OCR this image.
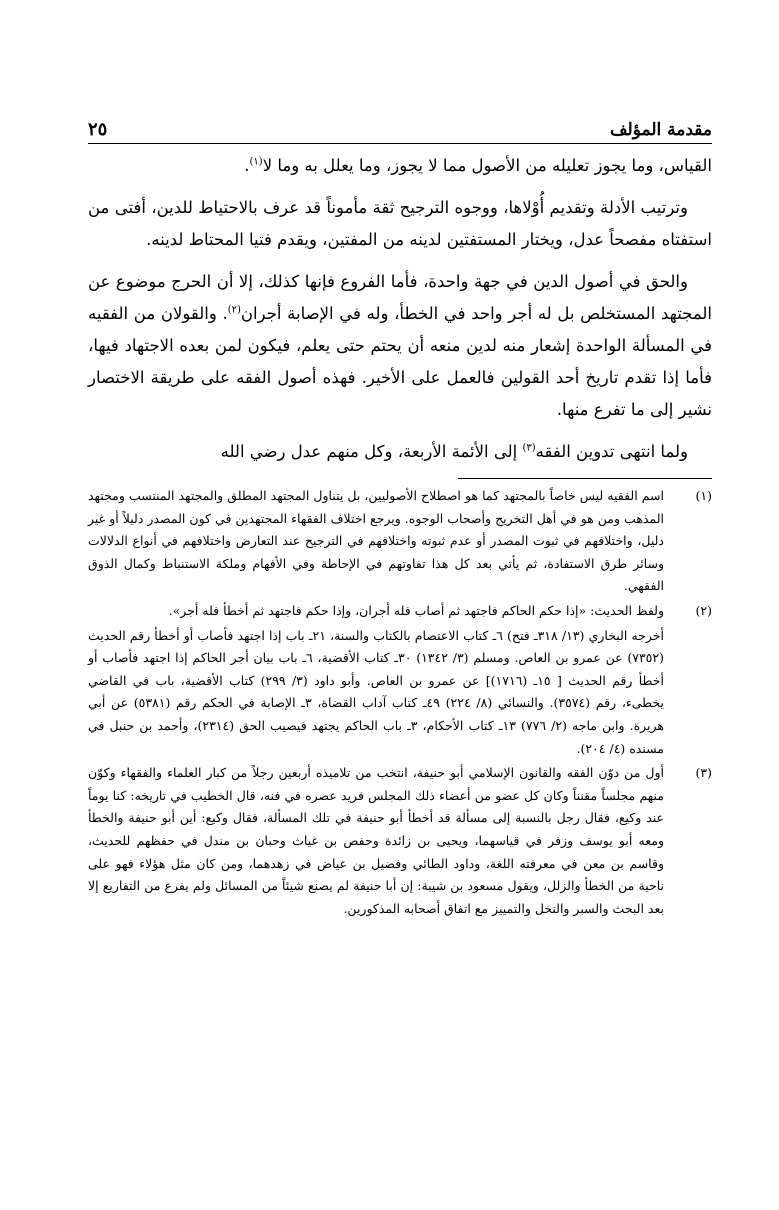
مقدمة المؤلف
٢٥

القياس، وما يجوز تعليله من الأصول مما لا يجوز، وما يعلل به وما لا$^{(١)}$.

وترتيب الأدلة وتقديم أُوْلاها، ووجوه الترجيح ثقة مأموناً قد عرف بالاحتياط للدين، أفتى من استفتاه مفصحاً عدل، ويختار المستفتين لدينه من المفتين، ويقدم فتيا المحتاط لدينه.

والحق في أصول الدين في جهة واحدة، فأما الفروع فإنها كذلك، إلا أن الحرج موضوع عن المجتهد المستخلص بل له أجر واحد في الخطأ، وله في الإصابة أجران$^{(٢)}$. والقولان من الفقيه في المسألة الواحدة إشعار منه لدين منعه أن يحتم حتى يعلم، فيكون لمن بعده الاجتهاد فيها، فأما إذا تقدم تاريخ أحد القولين فالعمل على الأخير. فهذه أصول الفقه على طريقة الاختصار نشير إلى ما تفرع منها.

ولما انتهى تدوين الفقه$^{(٣)}$ إلى الأئمة الأربعة، وكل منهم عدل رضي الله

(١)

اسم الفقيه ليس خاصاً بالمجتهد كما هو اصطلاح الأصوليين، بل يتناول المجتهد المطلق والمجتهد المنتسب ومجتهد المذهب ومن هو في أهل التخريج وأصحاب الوجوه. ويرجع اختلاف الفقهاء المجتهدين في كون المصدر دليلاً أو غير دليل، واختلافهم في ثبوت المصدر أو عدم ثبوته واختلافهم في الترجيح عند التعارض واختلافهم في أنواع الدلالات وسائر طرق الاستفادة، ثم يأتي بعد كل هذا تفاوتهم في الإحاطة وفي الأفهام وملكة الاستنباط وكمال الذوق الفقهي.

(٢)

ولفظ الحديث: «إذا حكم الحاكم فاجتهد ثم أصاب فله أجران، وإذا حكم فاجتهد ثم أخطأ فله أجر».

أخرجه البخاري (١٣/ ٣١٨ـ فتح) ٦ـ كتاب الاعتصام بالكتاب والسنة، ٢١ـ باب إذا اجتهد فأصاب أو أخطأ رقم الحديث (٧٣٥٢) عن عمرو بن العاص. ومسلم (٣/ ١٣٤٢) ٣٠ـ كتاب الأقضية، ٦ـ باب بيان أجر الحاكم إذا اجتهد فأصاب أو أخطأ رقم الحديث [ ١٥ـ (١٧١٦)] عن عمرو بن العاص. وأبو داود (٣/ ٢٩٩) كتاب الأقضية، باب في القاضي يخطىء، رقم (٣٥٧٤). والنسائي (٨/ ٢٢٤) ٤٩ـ كتاب آداب القضاة، ٣ـ الإصابة في الحكم رقم (٥٣٨١) عن أبي هريرة. وابن ماجه (٢/ ٧٧٦) ١٣ـ كتاب الأحكام، ٣ـ باب الحاكم يجتهد فيصيب الحق (٢٣١٤)، وأحمد بن حنبل في مسنده (٤/ ٢٠٤).

(٣)

أول من دوّن الفقه والقانون الإسلامي أبو حنيفة، انتخب من تلاميذه أربعين رجلاً من كبار العلماء والفقهاء وكوّن منهم مجلساً مقنناً وكان كل عضو من أعضاء ذلك المجلس فريد عصره في فنه، قال الخطيب في تاريخه: كنا يوماً عند وكيع، فقال رجل بالنسبة إلى مسألة قد أخطأ أبو حنيفة في تلك المسألة، فقال وكيع: أين أبو حنيفة والخطأ ومعه أبو يوسف وزفر في قياسهما، ويحيى بن زائدة وحفص بن غياث وحبان بن مندل في حفظهم للحديث، وقاسم بن معن في معرفته اللغة، وداود الطائي وفضيل بن عياض في زهدهما، ومن كان مثل هؤلاء فهو على ناحية من الخطأ والزلل، ويقول مسعود بن شيبة: إن أبا حنيفة لم يصنع شيئاً من المسائل ولم يفرع من التفاريع إلا بعد البحث والسبر والنخل والتمييز مع اتفاق أصحابه المذكورين.
